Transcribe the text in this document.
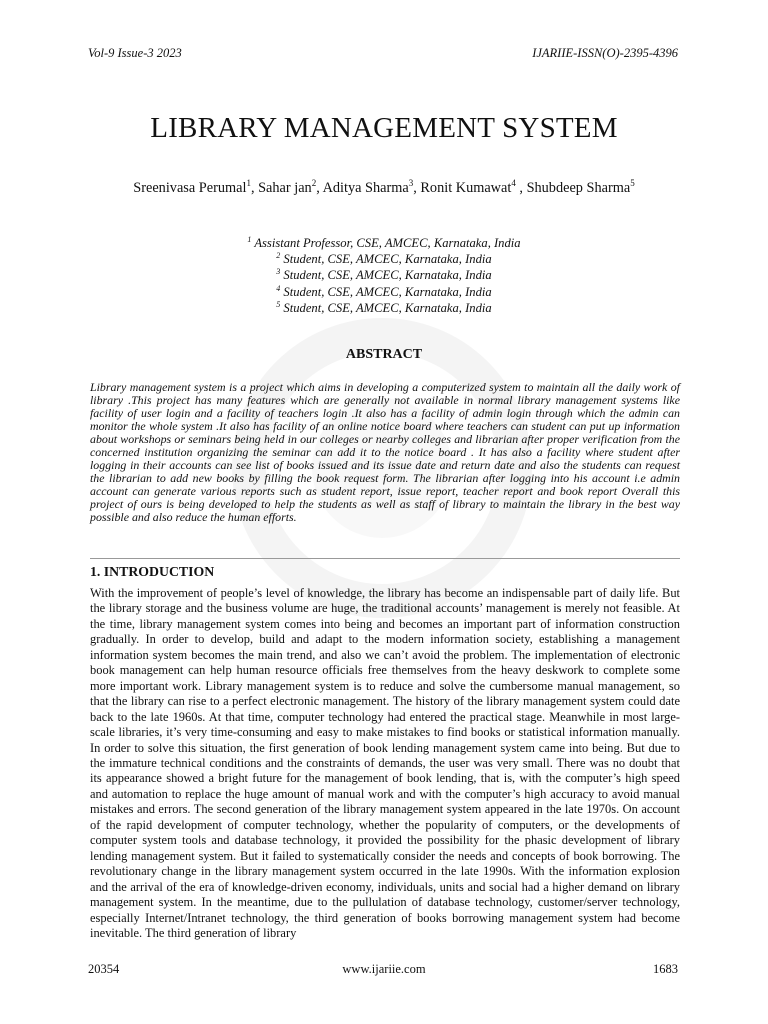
Vol-9 Issue-3 2023	IJARIIE-ISSN(O)-2395-4396
LIBRARY MANAGEMENT SYSTEM
Sreenivasa Perumal$^1$, Sahar jan$^2$, Aditya Sharma$^3$, Ronit Kumawat$^4$ , Shubdeep Sharma$^5$
$^1$ Assistant Professor, CSE, AMCEC, Karnataka, India
$^2$ Student, CSE, AMCEC, Karnataka, India
$^3$ Student, CSE, AMCEC, Karnataka, India
$^4$ Student, CSE, AMCEC, Karnataka, India
$^5$ Student, CSE, AMCEC, Karnataka, India
ABSTRACT
Library management system is a project which aims in developing a computerized system to maintain all the daily work of library .This project has many features which are generally not available in normal library management systems like facility of user login and a facility of teachers login .It also has a facility of admin login through which the admin can monitor the whole system .It also has facility of an online notice board where teachers can student can put up information about workshops or seminars being held in our colleges or nearby colleges and librarian after proper verification from the concerned institution organizing the seminar can add it to the notice board . It has also a facility where student after logging in their accounts can see list of books issued and its issue date and return date and also the students can request the librarian to add new books by filling the book request form. The librarian after logging into his account i.e admin account can generate various reports such as student report, issue report, teacher report and book report Overall this project of ours is being developed to help the students as well as staff of library to maintain the library in the best way possible and also reduce the human efforts.
1. INTRODUCTION
With the improvement of people’s level of knowledge, the library has become an indispensable part of daily life. But the library storage and the business volume are huge, the traditional accounts’ management is merely not feasible. At the time, library management system comes into being and becomes an important part of information construction gradually. In order to develop, build and adapt to the modern information society, establishing a management information system becomes the main trend, and also we can’t avoid the problem. The implementation of electronic book management can help human resource officials free themselves from the heavy deskwork to complete some more important work. Library management system is to reduce and solve the cumbersome manual management, so that the library can rise to a perfect electronic management. The history of the library management system could date back to the late 1960s. At that time, computer technology had entered the practical stage. Meanwhile in most large-scale libraries, it’s very time-consuming and easy to make mistakes to find books or statistical information manually. In order to solve this situation, the first generation of book lending management system came into being. But due to the immature technical conditions and the constraints of demands, the user was very small. There was no doubt that its appearance showed a bright future for the management of book lending, that is, with the computer’s high speed and automation to replace the huge amount of manual work and with the computer’s high accuracy to avoid manual mistakes and errors. The second generation of the library management system appeared in the late 1970s. On account of the rapid development of computer technology, whether the popularity of computers, or the developments of computer system tools and database technology, it provided the possibility for the phasic development of library lending management system. But it failed to systematically consider the needs and concepts of book borrowing. The revolutionary change in the library management system occurred in the late 1990s. With the information explosion and the arrival of the era of knowledge-driven economy, individuals, units and social had a higher demand on library management system. In the meantime, due to the pullulation of database technology, customer/server technology, especially Internet/Intranet technology, the third generation of books borrowing management system had become inevitable. The third generation of library
20354	www.ijariie.com	1683
